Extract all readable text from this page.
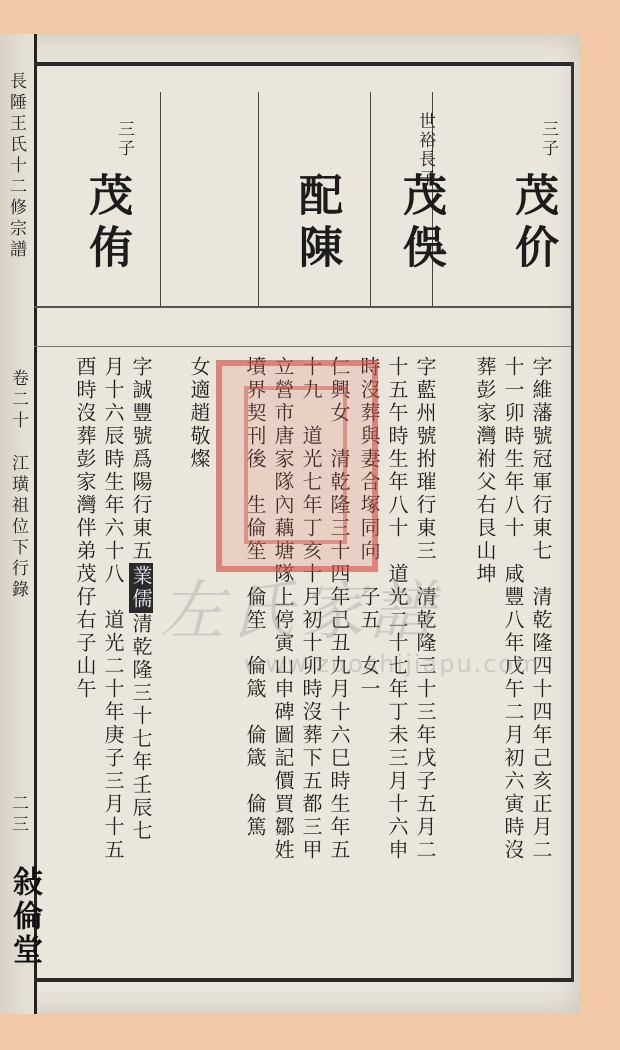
長陲王氏十二修宗譜
卷二十
江璜祖位下行錄
二三
敍倫堂
三子
茂价
字維藩號冠軍行東七　清乾隆四十四年己亥正月二
十一卯時生年八十　咸豐八年戊午二月初六寅時沒
葬彭家灣祔父右艮山坤
世裕長子
茂俁
字藍州號拊璀行東三　清乾隆三十三年戊子五月二
十五午時生年八十　道光二十七年丁未三月十六申
時沒葬與妻合塚同向　子五　女一
配陳
仁興女　清乾隆三十四年己丑九月十六巳時生年五
十九　道光七年丁亥十月初十卯時沒葬下五都三甲
立營市唐家隊內藕塘隊上停寅山申碑圖記價買鄒姓
墳界契刊後　生倫笙　倫笙　倫箴　倫箴　倫篤
女適趙敬燦
三子
茂侑
字誠豐號爲陽行東五業儒清乾隆三十七年壬辰七
月十六辰時生年六十八　道光二十年庚子三月十五
酉時沒葬彭家灣伴弟茂仔右子山午 左氏家譜
www.zuoshijiapu.com
